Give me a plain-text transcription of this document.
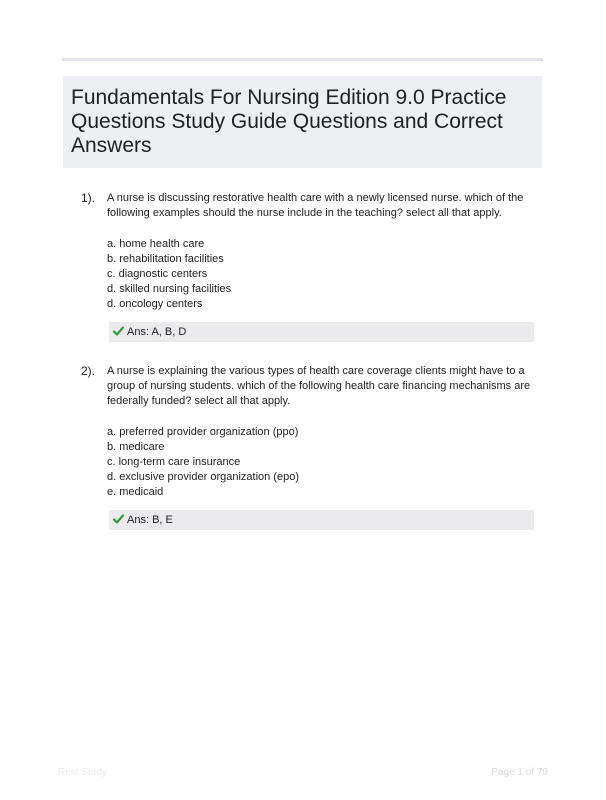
Fundamentals For Nursing Edition 9.0 Practice Questions Study Guide Questions and Correct Answers
1). A nurse is discussing restorative health care with a newly licensed nurse. which of the following examples should the nurse include in the teaching? select all that apply.
a. home health care
b. rehabilitation facilities
c. diagnostic centers
d. skilled nursing facilities
d. oncology centers
Ans: A, B, D
2). A nurse is explaining the various types of health care coverage clients might have to a group of nursing students. which of the following health care financing mechanisms are federally funded? select all that apply.
a. preferred provider organization (ppo)
b. medicare
c. long-term care insurance
d. exclusive provider organization (epo)
e. medicaid
Ans: B, E
Rest Study	Page 1 of 79
